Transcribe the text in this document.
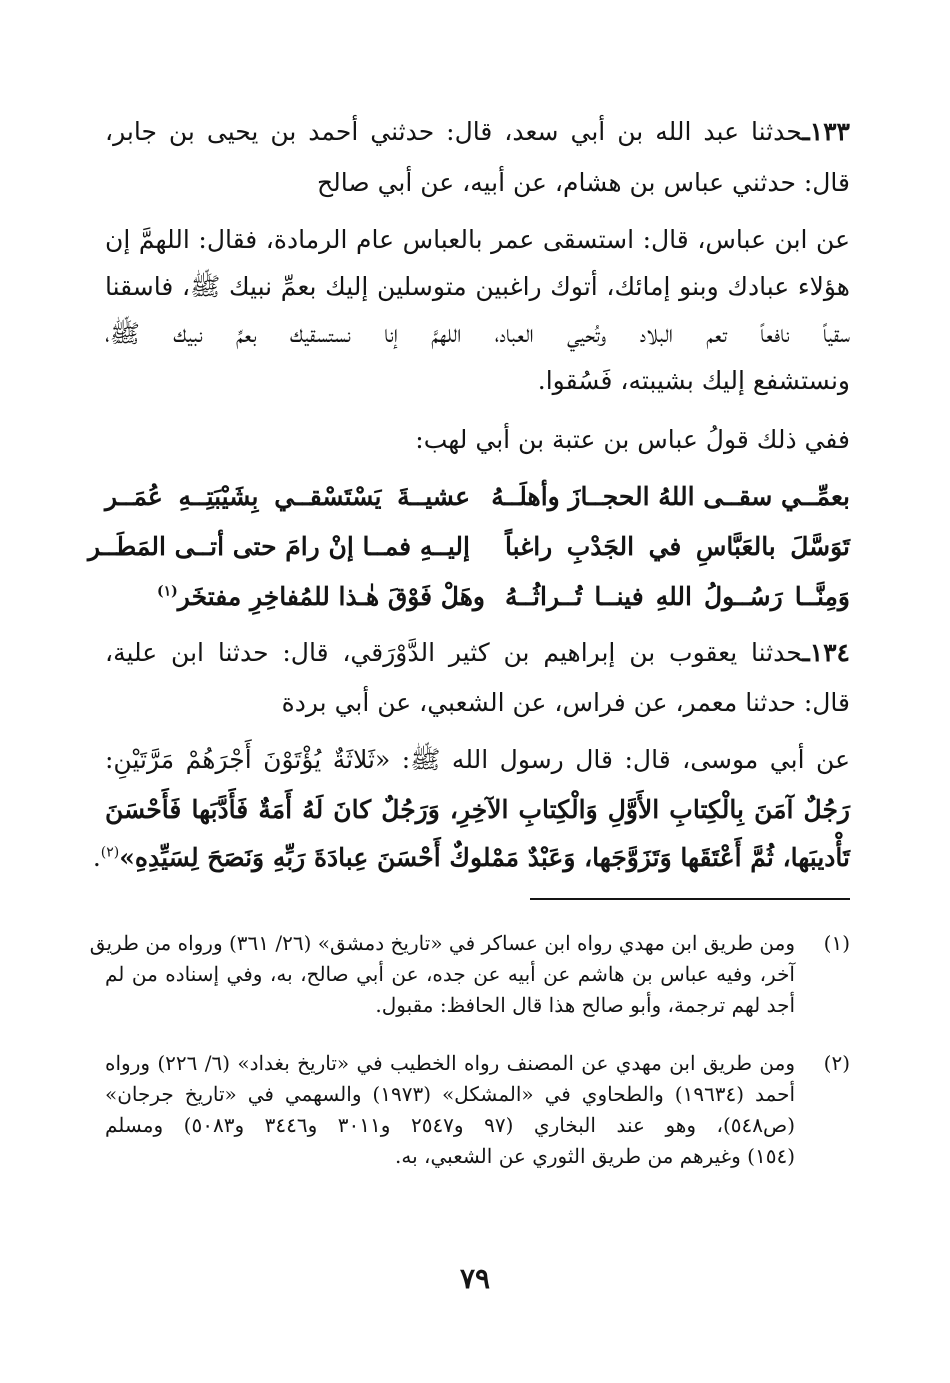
١٣٣ـحدثنا عبد الله بن أبي سعد، قال: حدثني أحمد بن يحيى بن جابر،
قال: حدثني عباس بن هشام، عن أبيه، عن أبي صالح
عن ابن عباس، قال: استسقى عمر بالعباس عام الرمادة، فقال: اللهمَّ إن
هؤلاء عبادك وبنو إمائك، أتوك راغبين متوسلين إليك بعمِّ نبيك ﷺ، فاسقنا
سقياً نافعاً تعم البلاد وتُحيي العباد، اللهمَّ إنا نستسقيك بعمِّ نبيك ﷺ،
ونستشفع إليك بشيبته، فَسُقوا.
ففي ذلك قولُ عباس بن عتبة بن أبي لهب:
بعمِّــي سقــى اللهُ الحجــازَ وأهلَــهُ
عشيــةَ يَسْتَسْقــي بِشَيْبَتِــهِ عُمَــر
تَوَسَّلَ بالعَبَّاسِ في الجَدْبِ راغباً
إليــهِ فمــا إنْ رامَ حتى أتــى المَطَــر
وَمِنَّــا رَسُــولُ اللهِ فينــا تُــراثُــهُ
وهَلْ فَوْقَ هٰـذا للمُفاخِرِ مفتخَر$^{(١)}$
١٣٤ـحدثنا يعقوب بن إبراهيم بن كثير الدَّوْرَقي، قال: حدثنا ابن علية،
قال: حدثنا معمر، عن فراس، عن الشعبي، عن أبي بردة
عن أبي موسى، قال: قال رسول الله ﷺ: «ثَلاثَةٌ يُؤْتَوْنَ أَجْرَهُمْ مَرَّتَيْنِ:
رَجُلٌ آمَنَ بِالْكِتابِ الأَوَّلِ وَالْكِتابِ الآخِرِ، وَرَجُلٌ كانَ لَهُ أَمَةٌ فَأَدَّبَها فَأَحْسَنَ
تَأْديبَها، ثُمَّ أَعْتَقَها وَتَزَوَّجَها، وَعَبْدٌ مَمْلوكٌ أَحْسَنَ عِبادَةَ رَبِّهِ وَنَصَحَ لِسَيِّدِهِ»$^{(٢)}$.
(١)
ومن طريق ابن مهدي رواه ابن عساكر في «تاريخ دمشق» (٢٦/ ٣٦١) ورواه من طريق
آخر، وفيه عباس بن هاشم عن أبيه عن جده، عن أبي صالح، به، وفي إسناده من لم
أجد لهم ترجمة، وأبو صالح هذا قال الحافظ: مقبول.
(٢)
ومن طريق ابن مهدي عن المصنف رواه الخطيب في «تاريخ بغداد» (٦/ ٢٢٦) ورواه
أحمد (١٩٦٣٤) والطحاوي في «المشكل» (١٩٧٣) والسهمي في «تاريخ جرجان»
(ص٥٤٨)، وهو عند البخاري (٩٧ و٢٥٤٧ و٣٠١١ و٣٤٤٦ و٥٠٨٣) ومسلم
(١٥٤) وغيرهم من طريق الثوري عن الشعبي، به.
٧٩
